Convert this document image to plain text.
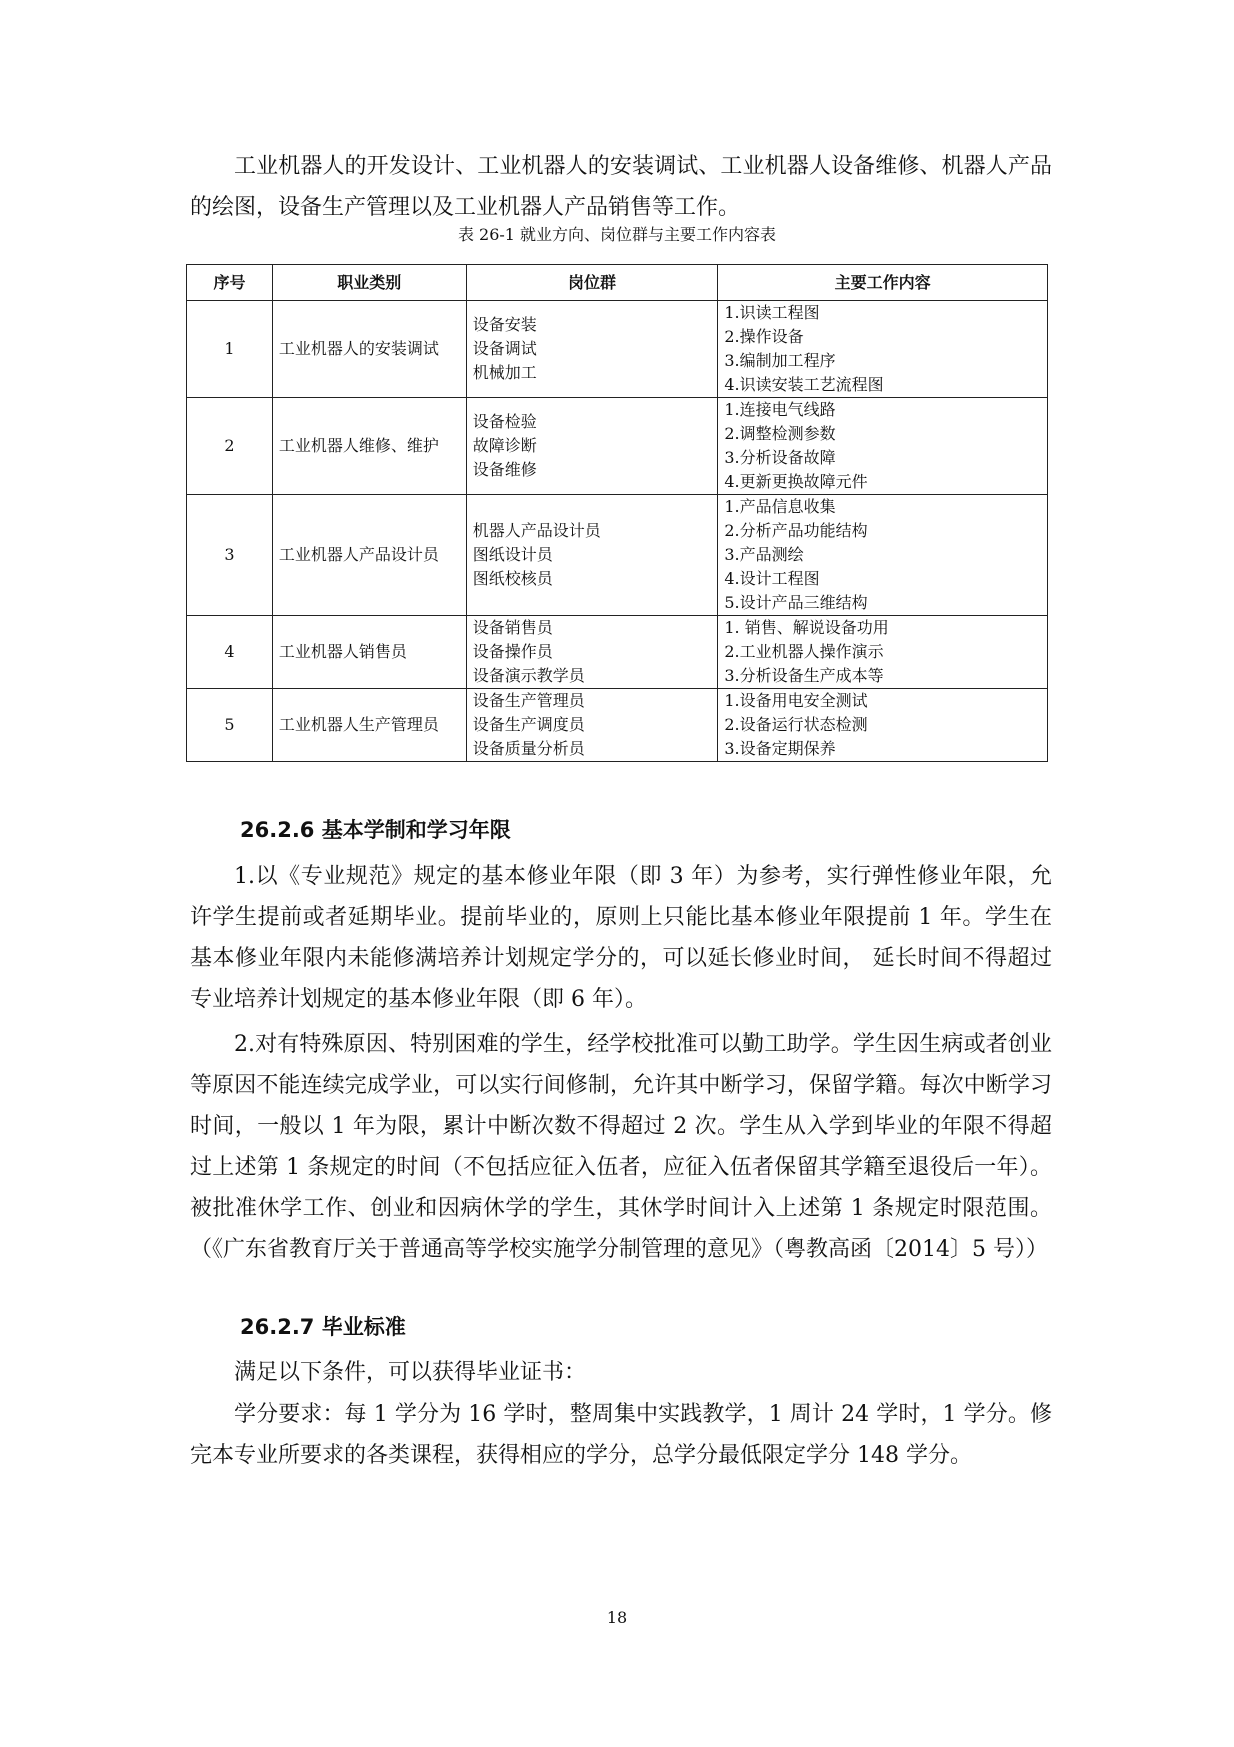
工业机器人的开发设计、工业机器人的安装调试、工业机器人设备维修、机器人产品的绘图，设备生产管理以及工业机器人产品销售等工作。

表 26-1 就业方向、岗位群与主要工作内容表
序号	职业类别	岗位群	主要工作内容
1	工业机器人的安装调试	设备安装
设备调试
机械加工	1.识读工程图
2.操作设备
3.编制加工程序
4.识读安装工艺流程图

2	工业机器人维修、维护	设备检验
故障诊断
设备维修	1.连接电气线路
2.调整检测参数
3.分析设备故障
4.更新更换故障元件

3	工业机器人产品设计员	机器人产品设计员
图纸设计员
图纸校核员	1.产品信息收集
2.分析产品功能结构
3.产品测绘
4.设计工程图
5.设计产品三维结构

4	工业机器人销售员	设备销售员
设备操作员
设备演示教学员	1. 销售、解说设备功用
2.工业机器人操作演示
3.分析设备生产成本等

5	工业机器人生产管理员	设备生产管理员
设备生产调度员
设备质量分析员	1.设备用电安全测试
2.设备运行状态检测
3.设备定期保养
26.2.6 基本学制和学习年限

1.以《专业规范》规定的基本修业年限（即 3 年）为参考，实行弹性修业年限，允许学生提前或者延期毕业。提前毕业的，原则上只能比基本修业年限提前 1 年。学生在基本修业年限内未能修满培养计划规定学分的，可以延长修业时间， 延长时间不得超过专业培养计划规定的基本修业年限（即 6 年）。

2.对有特殊原因、特别困难的学生，经学校批准可以勤工助学。学生因生病或者创业等原因不能连续完成学业，可以实行间修制，允许其中断学习，保留学籍。每次中断学习时间，一般以 1 年为限，累计中断次数不得超过 2 次。学生从入学到毕业的年限不得超过上述第 1 条规定的时间（不包括应征入伍者，应征入伍者保留其学籍至退役后一年）。被批准休学工作、创业和因病休学的学生，其休学时间计入上述第 1 条规定时限范围。（《广东省教育厅关于普通高等学校实施学分制管理的意见》（粤教高函〔2014〕5 号））

26.2.7 毕业标准

满足以下条件，可以获得毕业证书：

学分要求：每 1 学分为 16 学时，整周集中实践教学，1 周计 24 学时，1 学分。修完本专业所要求的各类课程，获得相应的学分，总学分最低限定学分 148 学分。

18
